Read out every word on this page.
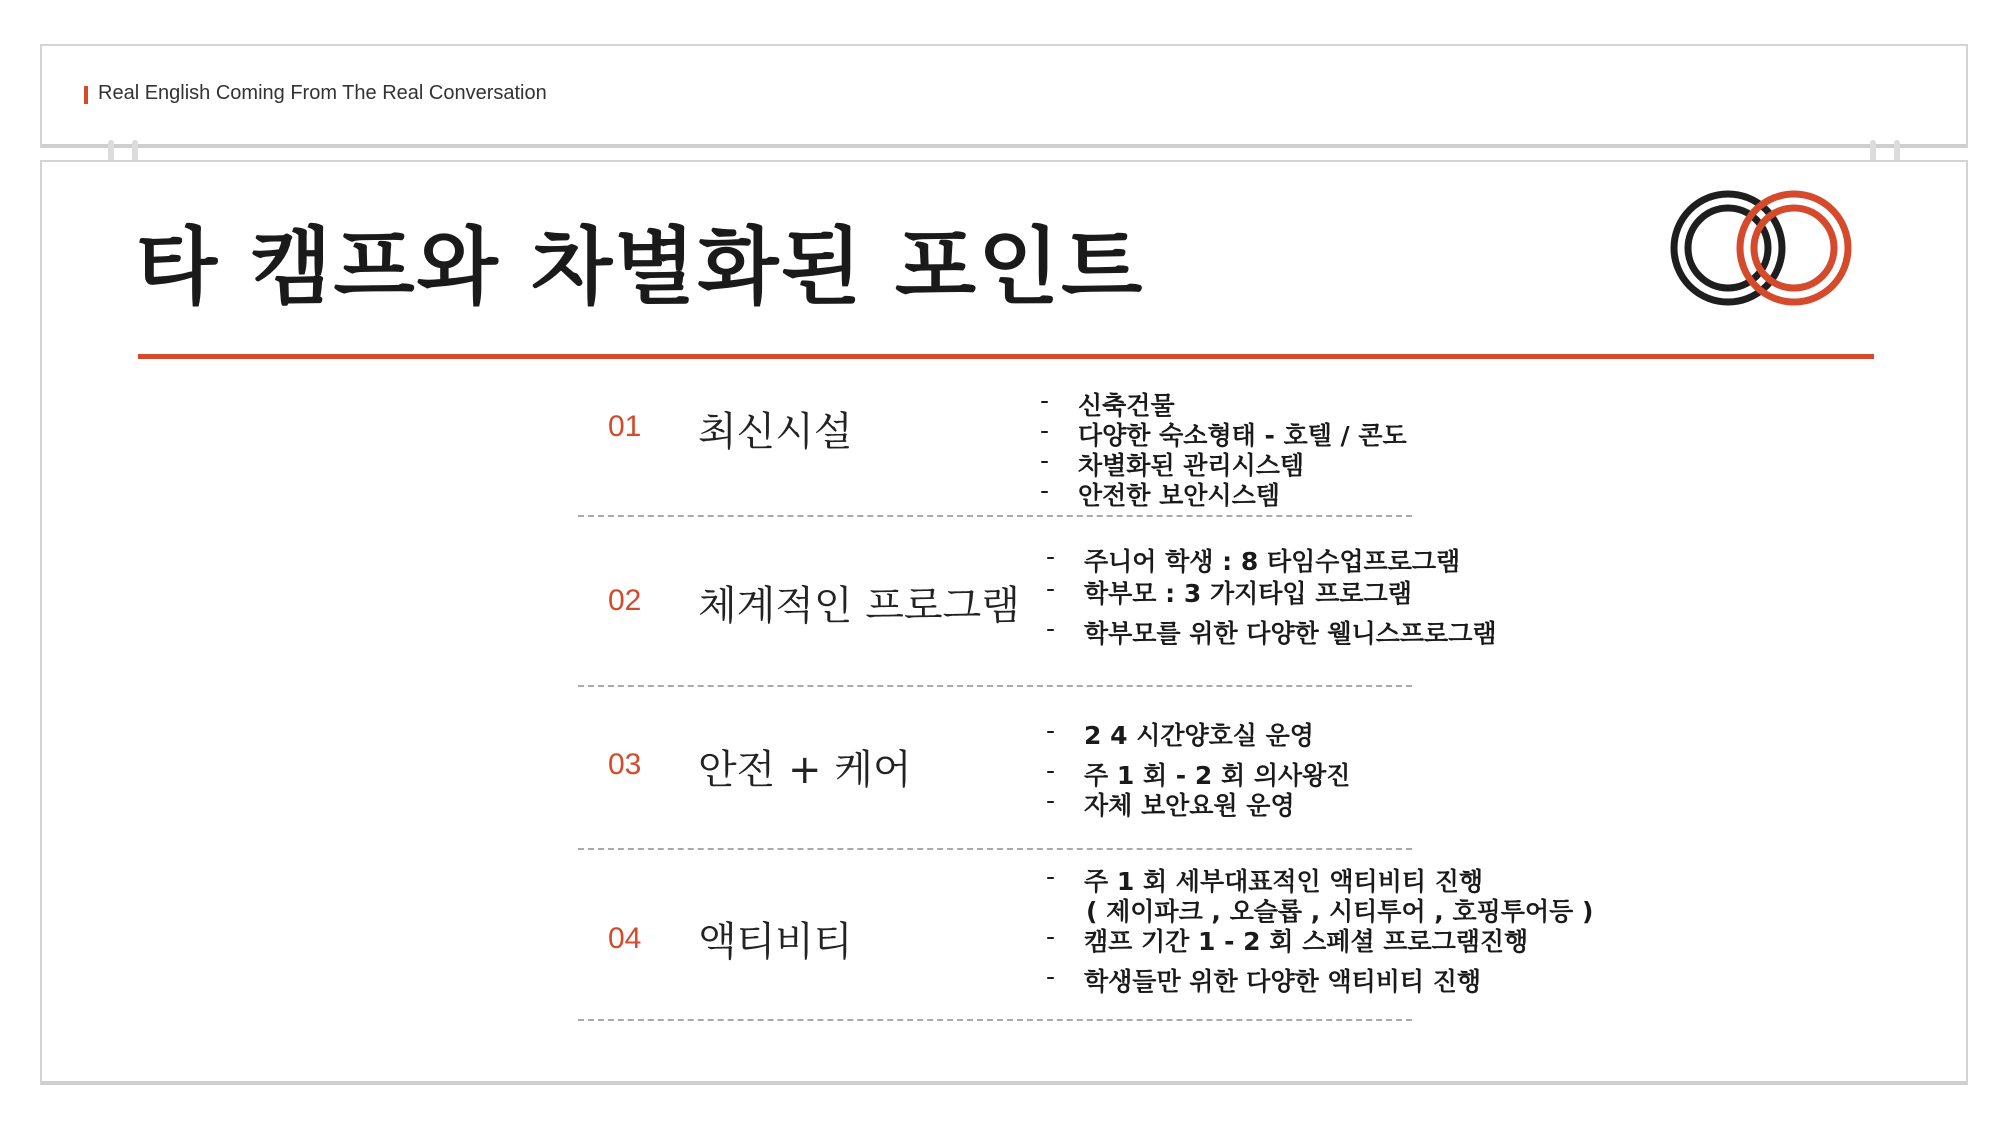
Real English Coming From The Real Conversation
타 캠프와 차별화된 포인트
01 최신시설
- 신축건물
- 다양한 숙소형태 - 호텔 / 콘도
- 차별화된 관리시스템
- 안전한 보안시스템
02 체계적인 프로그램
- 주니어 학생 : 8 타임수업프로그램
- 학부모 : 3 가지타입 프로그램
- 학부모를 위한 다양한 웰니스프로그램
03 안전 + 케어
- 2 4 시간양호실 운영
- 주 1 회 - 2 회 의사왕진
- 자체 보안요원 운영
04 액티비티
- 주 1 회 세부대표적인 액티비티 진행
( 제이파크 , 오슬롭 , 시티투어 , 호핑투어등 )
- 캠프 기간 1 - 2 회 스페셜 프로그램진행
- 학생들만 위한 다양한 액티비티 진행
